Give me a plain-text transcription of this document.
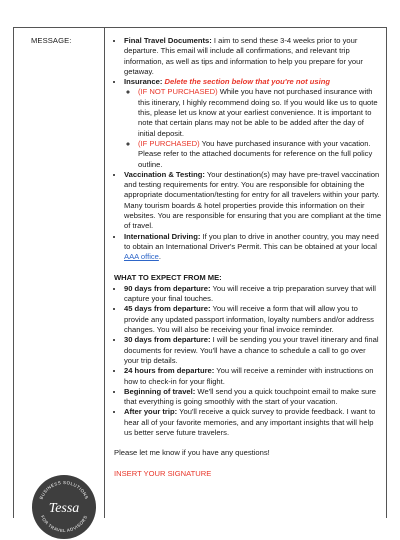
MESSAGE:
•	Final Travel Documents: I aim to send these 3-4 weeks prior to your departure. This email will include all confirmations, and relevant trip information, as well as tips and information to help you prepare for your getaway.
• Insurance: Delete the section below that you're not using
◦ (IF NOT PURCHASED) While you have not purchased insurance with this itinerary, I highly recommend doing so. If you would like us to quote this, please let us know at your earliest convenience. It is important to note that certain plans may not be able to be added after the day of initial deposit.
◦ (IF PURCHASED) You have purchased insurance with your vacation. Please refer to the attached documents for reference on the full policy outline.
• Vaccination & Testing: Your destination(s) may have pre-travel vaccination and testing requirements for entry. You are responsible for obtaining the appropriate documentation/testing for entry for all travelers within your party. Many tourism boards & hotel properties provide this information on their websites. You are responsible for ensuring that you are compliant at the time of travel.
• International Driving: If you plan to drive in another country, you may need to obtain an International Driver's Permit. This can be obtained at your local AAA office.
WHAT TO EXPECT FROM ME:
• 90 days from departure: You will receive a trip preparation survey that will capture your final touches.
• 45 days from departure: You will receive a form that will allow you to provide any updated passport information, loyalty numbers and/or address changes. You will also be receiving your final invoice reminder.
• 30 days from departure: I will be sending you your travel itinerary and final documents for review. You'll have a chance to schedule a call to go over your trip details.
• 24 hours from departure: You will receive a reminder with instructions on how to check-in for your flight.
• Beginning of travel: We'll send you a quick touchpoint email to make sure that everything is going smoothly with the start of your vacation.
• After your trip: You'll receive a quick survey to provide feedback. I want to hear all of your favorite memories, and any important insights that will help us better serve future travelers.
Please let me know if you have any questions!
INSERT YOUR SIGNATURE
BUSINESS SOLUTIONS
FOR TRAVEL ADVISORS
Tessa
